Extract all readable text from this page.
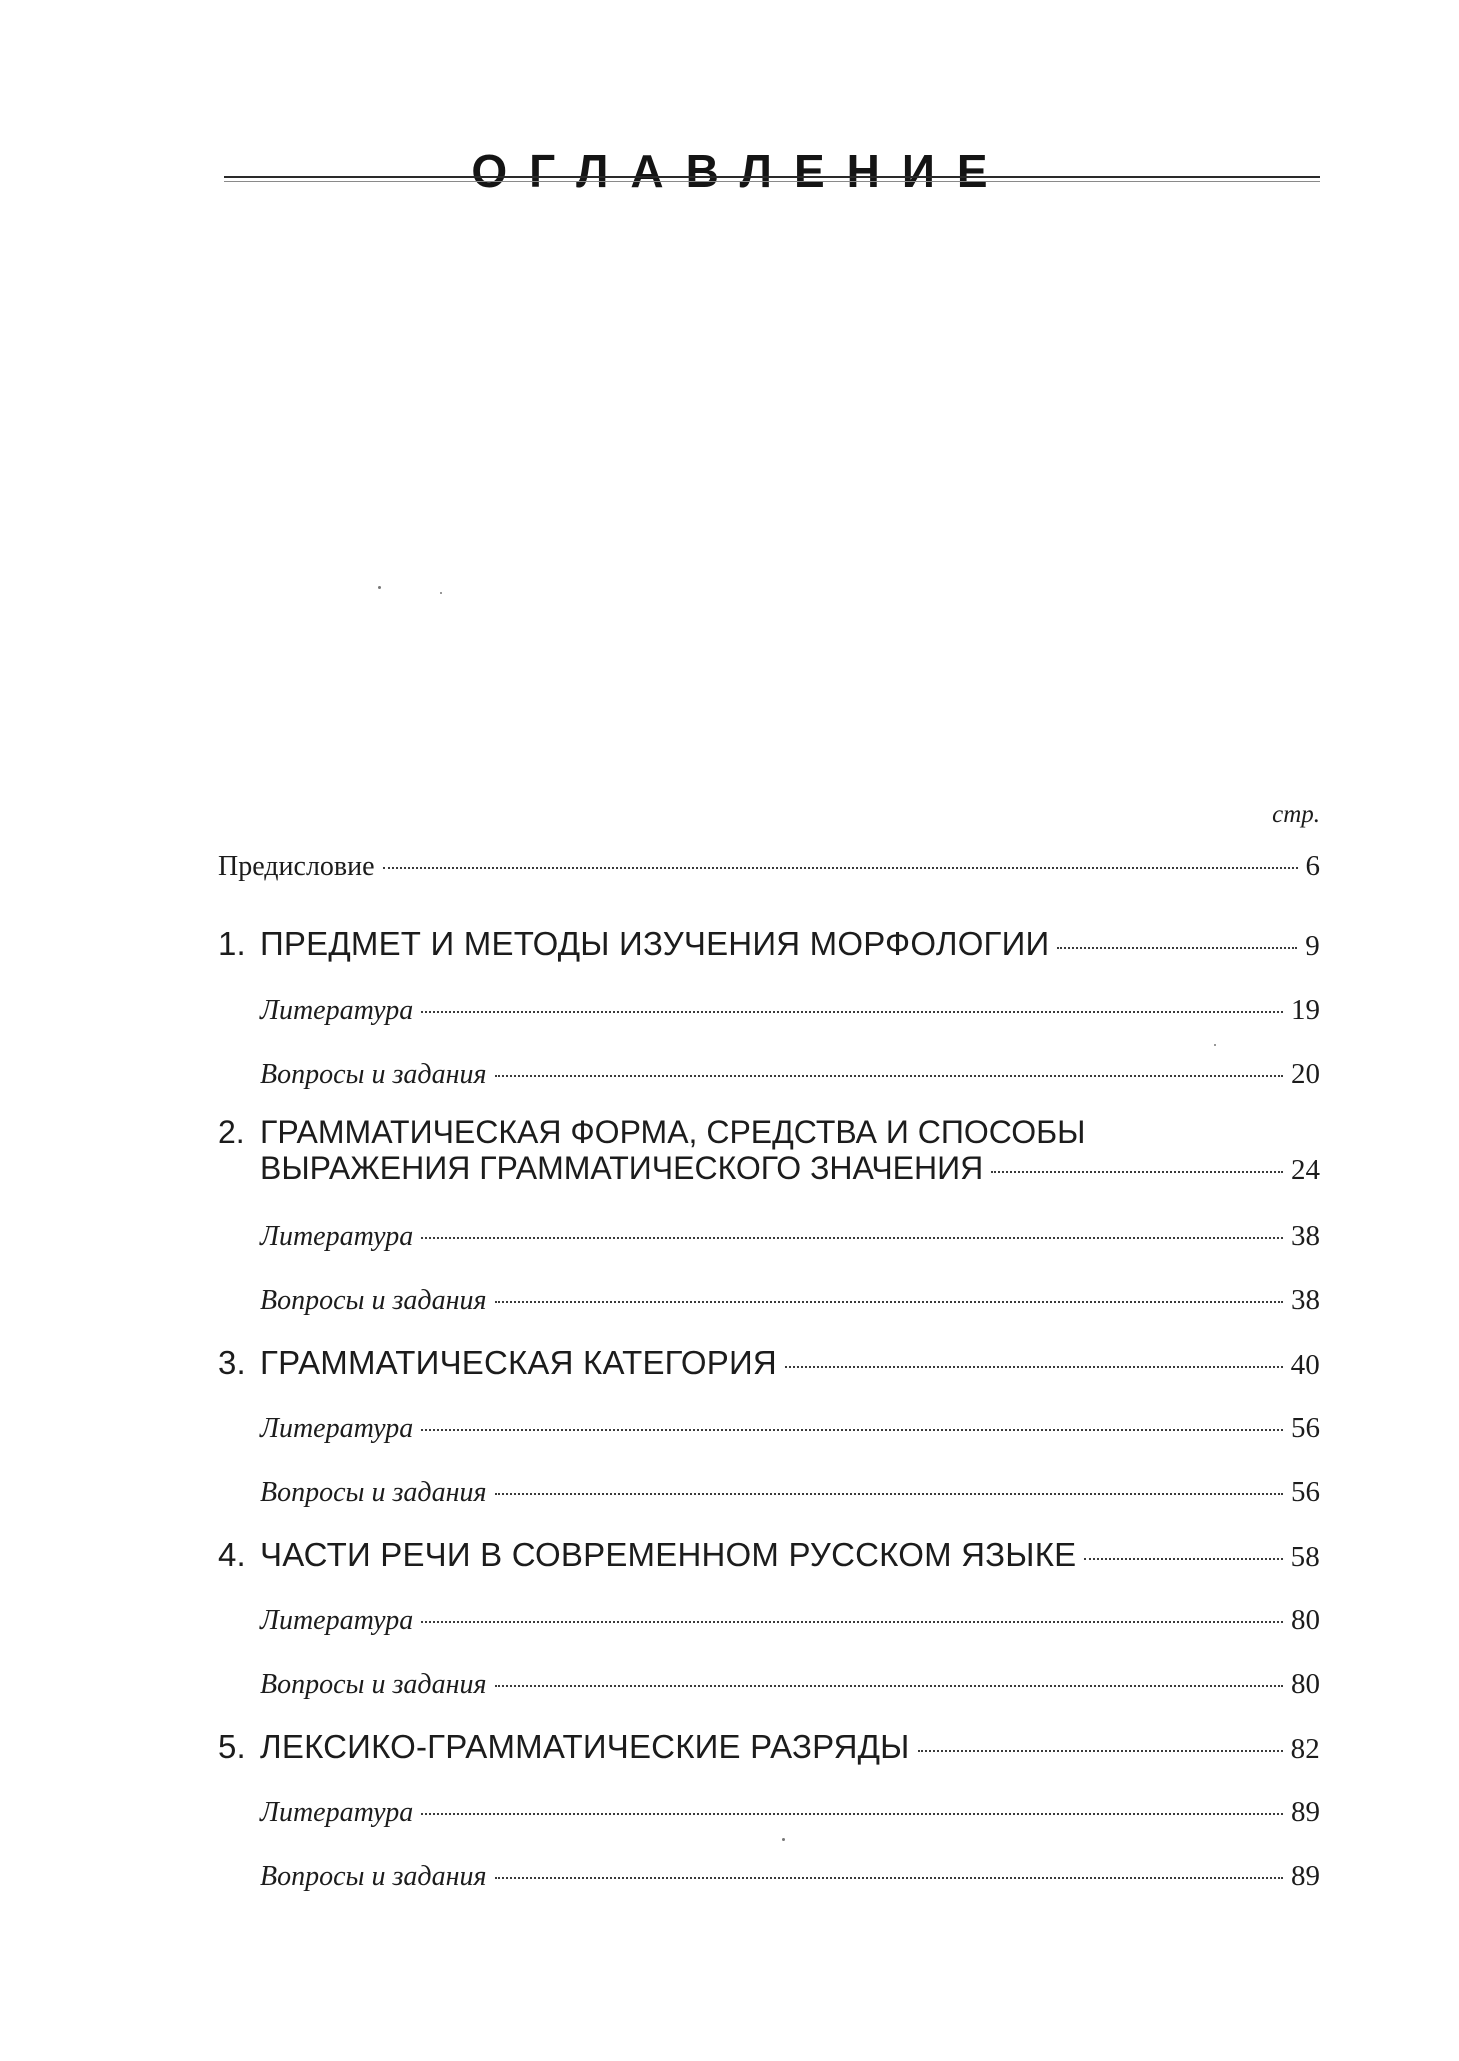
ОГЛАВЛЕНИЕ
стр.
Предисловие	6
1. ПРЕДМЕТ И МЕТОДЫ ИЗУЧЕНИЯ МОРФОЛОГИИ	9
Литература	19
Вопросы и задания	20
2. ГРАММАТИЧЕСКАЯ ФОРМА, СРЕДСТВА И СПОСОБЫ
ВЫРАЖЕНИЯ ГРАММАТИЧЕСКОГО ЗНАЧЕНИЯ	24
Литература	38
Вопросы и задания	38
3. ГРАММАТИЧЕСКАЯ КАТЕГОРИЯ	40
Литература	56
Вопросы и задания	56
4. ЧАСТИ РЕЧИ В СОВРЕМЕННОМ РУССКОМ ЯЗЫКЕ	58
Литература	80
Вопросы и задания	80
5. ЛЕКСИКО-ГРАММАТИЧЕСКИЕ РАЗРЯДЫ	82
Литература	89
Вопросы и задания	89
